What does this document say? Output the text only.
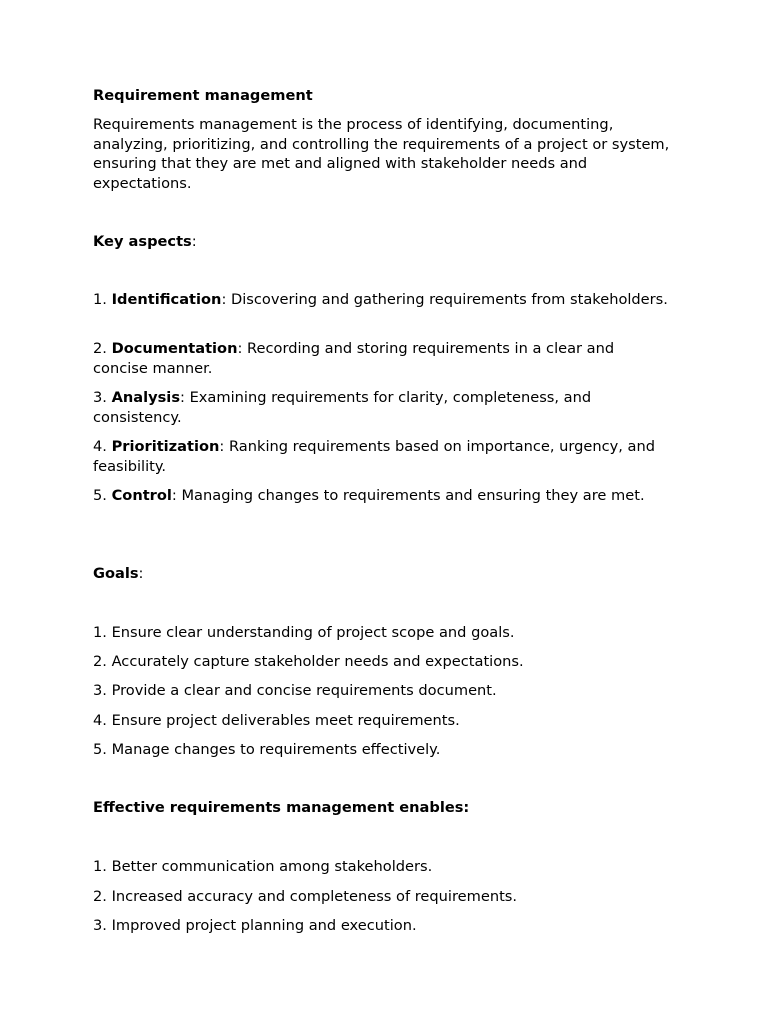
Requirement management

Requirements management is the process of identifying, documenting, analyzing, prioritizing, and controlling the requirements of a project or system, ensuring that they are met and aligned with stakeholder needs and expectations.

Key aspects:

1. Identification: Discovering and gathering requirements from stakeholders.

2. Documentation: Recording and storing requirements in a clear and concise manner.

3. Analysis: Examining requirements for clarity, completeness, and consistency.

4. Prioritization: Ranking requirements based on importance, urgency, and feasibility.

5. Control: Managing changes to requirements and ensuring they are met.

Goals:

1. Ensure clear understanding of project scope and goals.

2. Accurately capture stakeholder needs and expectations.

3. Provide a clear and concise requirements document.

4. Ensure project deliverables meet requirements.

5. Manage changes to requirements effectively.

Effective requirements management enables:

1. Better communication among stakeholders.

2. Increased accuracy and completeness of requirements.

3. Improved project planning and execution.
